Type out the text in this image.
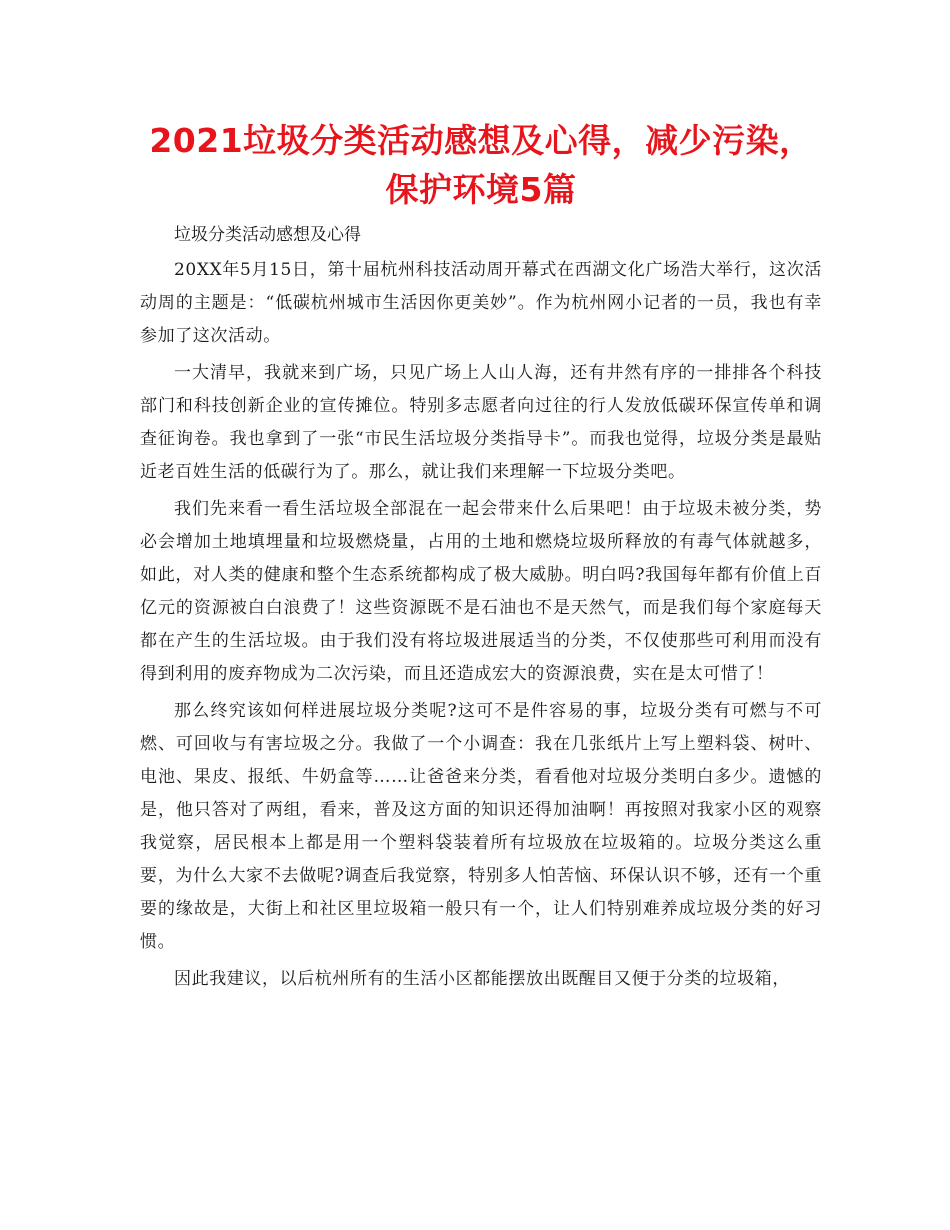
2021垃圾分类活动感想及心得，减少污染，保护环境5篇

垃圾分类活动感想及心得

20XX年5月15日，第十届杭州科技活动周开幕式在西湖文化广场浩大举行，这次活动周的主题是：“低碳杭州城市生活因你更美妙”。作为杭州网小记者的一员，我也有幸参加了这次活动。

一大清早，我就来到广场，只见广场上人山人海，还有井然有序的一排排各个科技部门和科技创新企业的宣传摊位。特别多志愿者向过往的行人发放低碳环保宣传单和调查征询卷。我也拿到了一张“市民生活垃圾分类指导卡”。而我也觉得，垃圾分类是最贴近老百姓生活的低碳行为了。那么，就让我们来理解一下垃圾分类吧。

我们先来看一看生活垃圾全部混在一起会带来什么后果吧！由于垃圾未被分类，势必会增加土地填埋量和垃圾燃烧量，占用的土地和燃烧垃圾所释放的有毒气体就越多，如此，对人类的健康和整个生态系统都构成了极大威胁。明白吗?我国每年都有价值上百亿元的资源被白白浪费了！这些资源既不是石油也不是天然气，而是我们每个家庭每天都在产生的生活垃圾。由于我们没有将垃圾进展适当的分类，不仅使那些可利用而没有得到利用的废弃物成为二次污染，而且还造成宏大的资源浪费，实在是太可惜了！

那么终究该如何样进展垃圾分类呢?这可不是件容易的事，垃圾分类有可燃与不可燃、可回收与有害垃圾之分。我做了一个小调查：我在几张纸片上写上塑料袋、树叶、电池、果皮、报纸、牛奶盒等……让爸爸来分类，看看他对垃圾分类明白多少。遗憾的是，他只答对了两组，看来，普及这方面的知识还得加油啊！再按照对我家小区的观察我觉察，居民根本上都是用一个塑料袋装着所有垃圾放在垃圾箱的。垃圾分类这么重要，为什么大家不去做呢?调查后我觉察，特别多人怕苦恼、环保认识不够，还有一个重要的缘故是，大街上和社区里垃圾箱一般只有一个，让人们特别难养成垃圾分类的好习惯。

因此我建议，以后杭州所有的生活小区都能摆放出既醒目又便于分类的垃圾箱，
